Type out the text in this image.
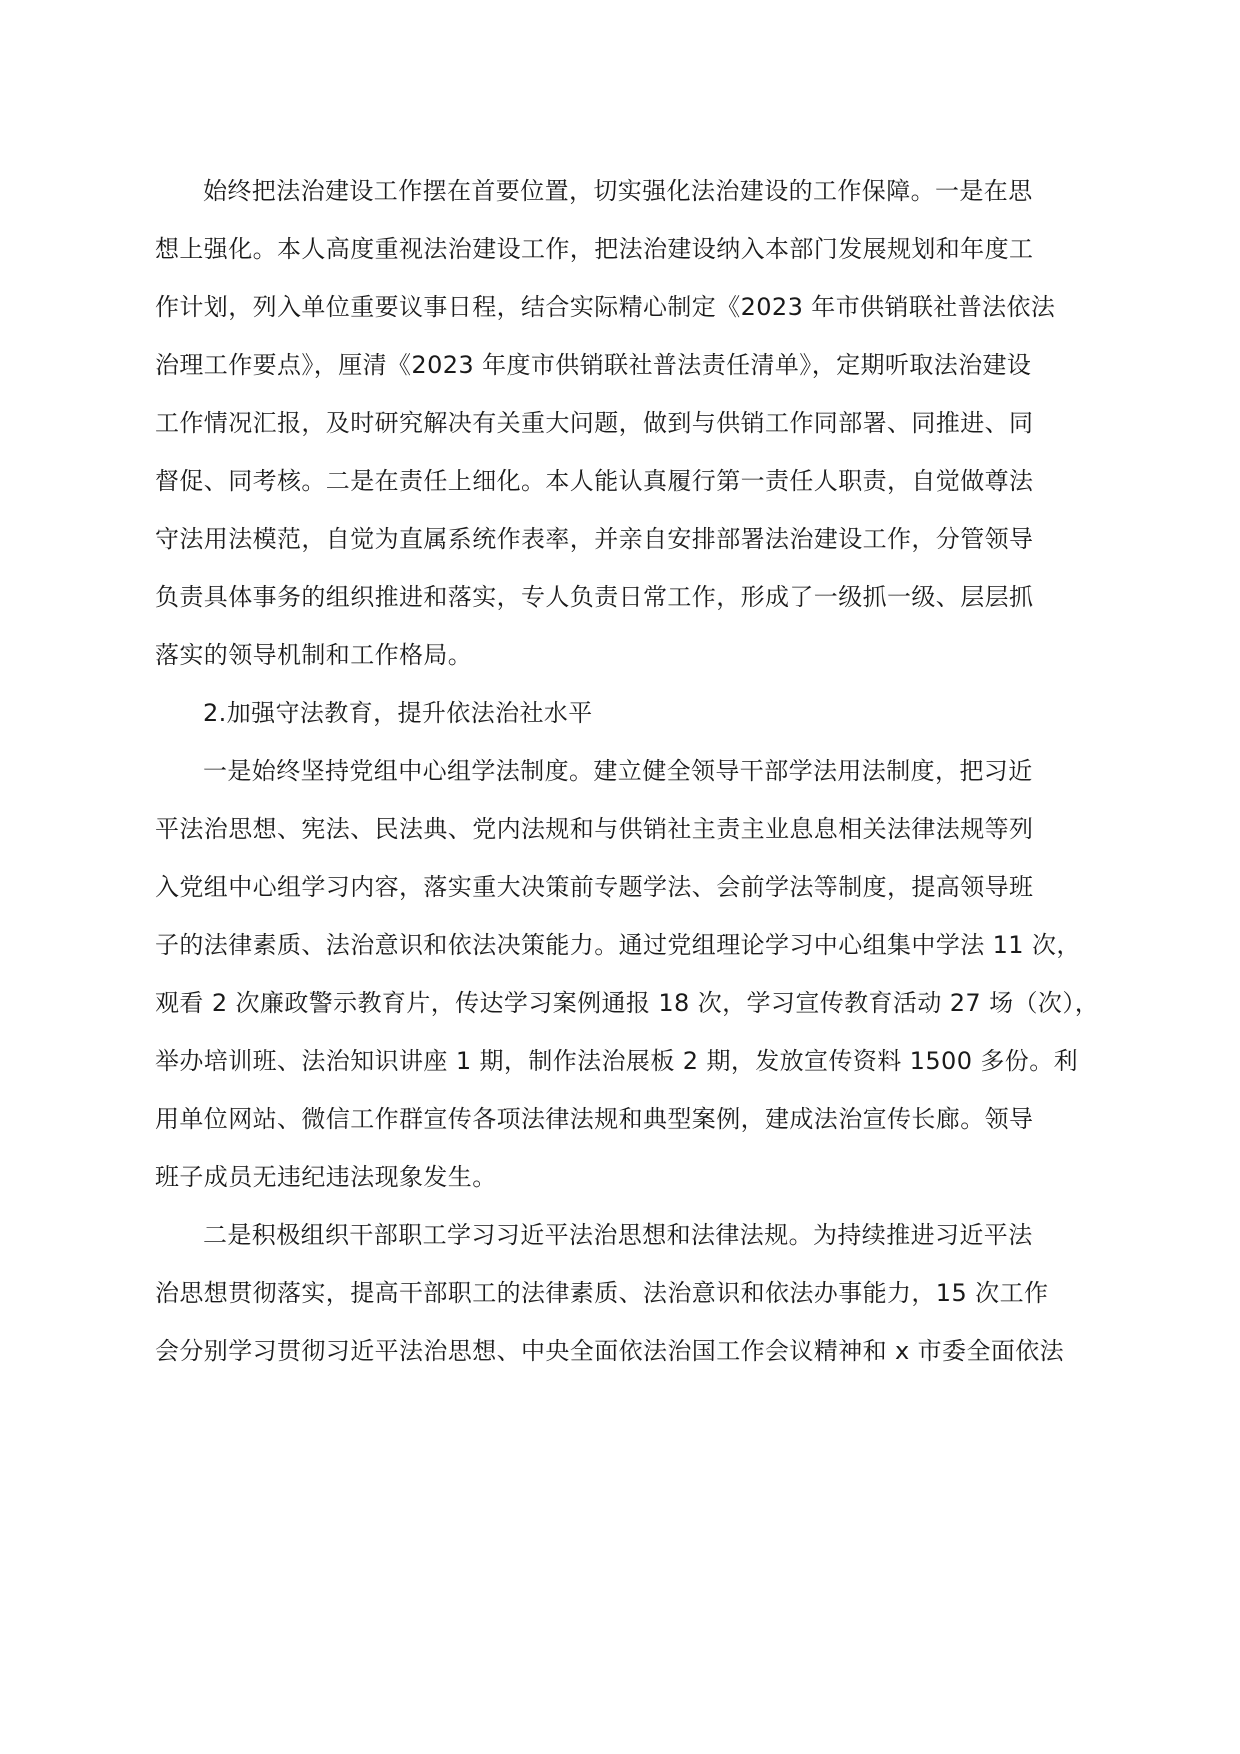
始终把法治建设工作摆在首要位置，切实强化法治建设的工作保障。一是在思
想上强化。本人高度重视法治建设工作，把法治建设纳入本部门发展规划和年度工
作计划，列入单位重要议事日程，结合实际精心制定《2023 年市供销联社普法依法
治理工作要点》，厘清《2023 年度市供销联社普法责任清单》，定期听取法治建设
工作情况汇报，及时研究解决有关重大问题，做到与供销工作同部署、同推进、同
督促、同考核。二是在责任上细化。本人能认真履行第一责任人职责，自觉做尊法
守法用法模范，自觉为直属系统作表率，并亲自安排部署法治建设工作，分管领导
负责具体事务的组织推进和落实，专人负责日常工作，形成了一级抓一级、层层抓
落实的领导机制和工作格局。
2.加强守法教育，提升依法治社水平
一是始终坚持党组中心组学法制度。建立健全领导干部学法用法制度，把习近
平法治思想、宪法、民法典、党内法规和与供销社主责主业息息相关法律法规等列
入党组中心组学习内容，落实重大决策前专题学法、会前学法等制度，提高领导班
子的法律素质、法治意识和依法决策能力。通过党组理论学习中心组集中学法 11 次，
观看 2 次廉政警示教育片，传达学习案例通报 18 次，学习宣传教育活动 27 场（次），
举办培训班、法治知识讲座 1 期，制作法治展板 2 期，发放宣传资料 1500 多份。利
用单位网站、微信工作群宣传各项法律法规和典型案例，建成法治宣传长廊。领导
班子成员无违纪违法现象发生。
二是积极组织干部职工学习习近平法治思想和法律法规。为持续推进习近平法
治思想贯彻落实，提高干部职工的法律素质、法治意识和依法办事能力，15 次工作
会分别学习贯彻习近平法治思想、中央全面依法治国工作会议精神和 x 市委全面依法
